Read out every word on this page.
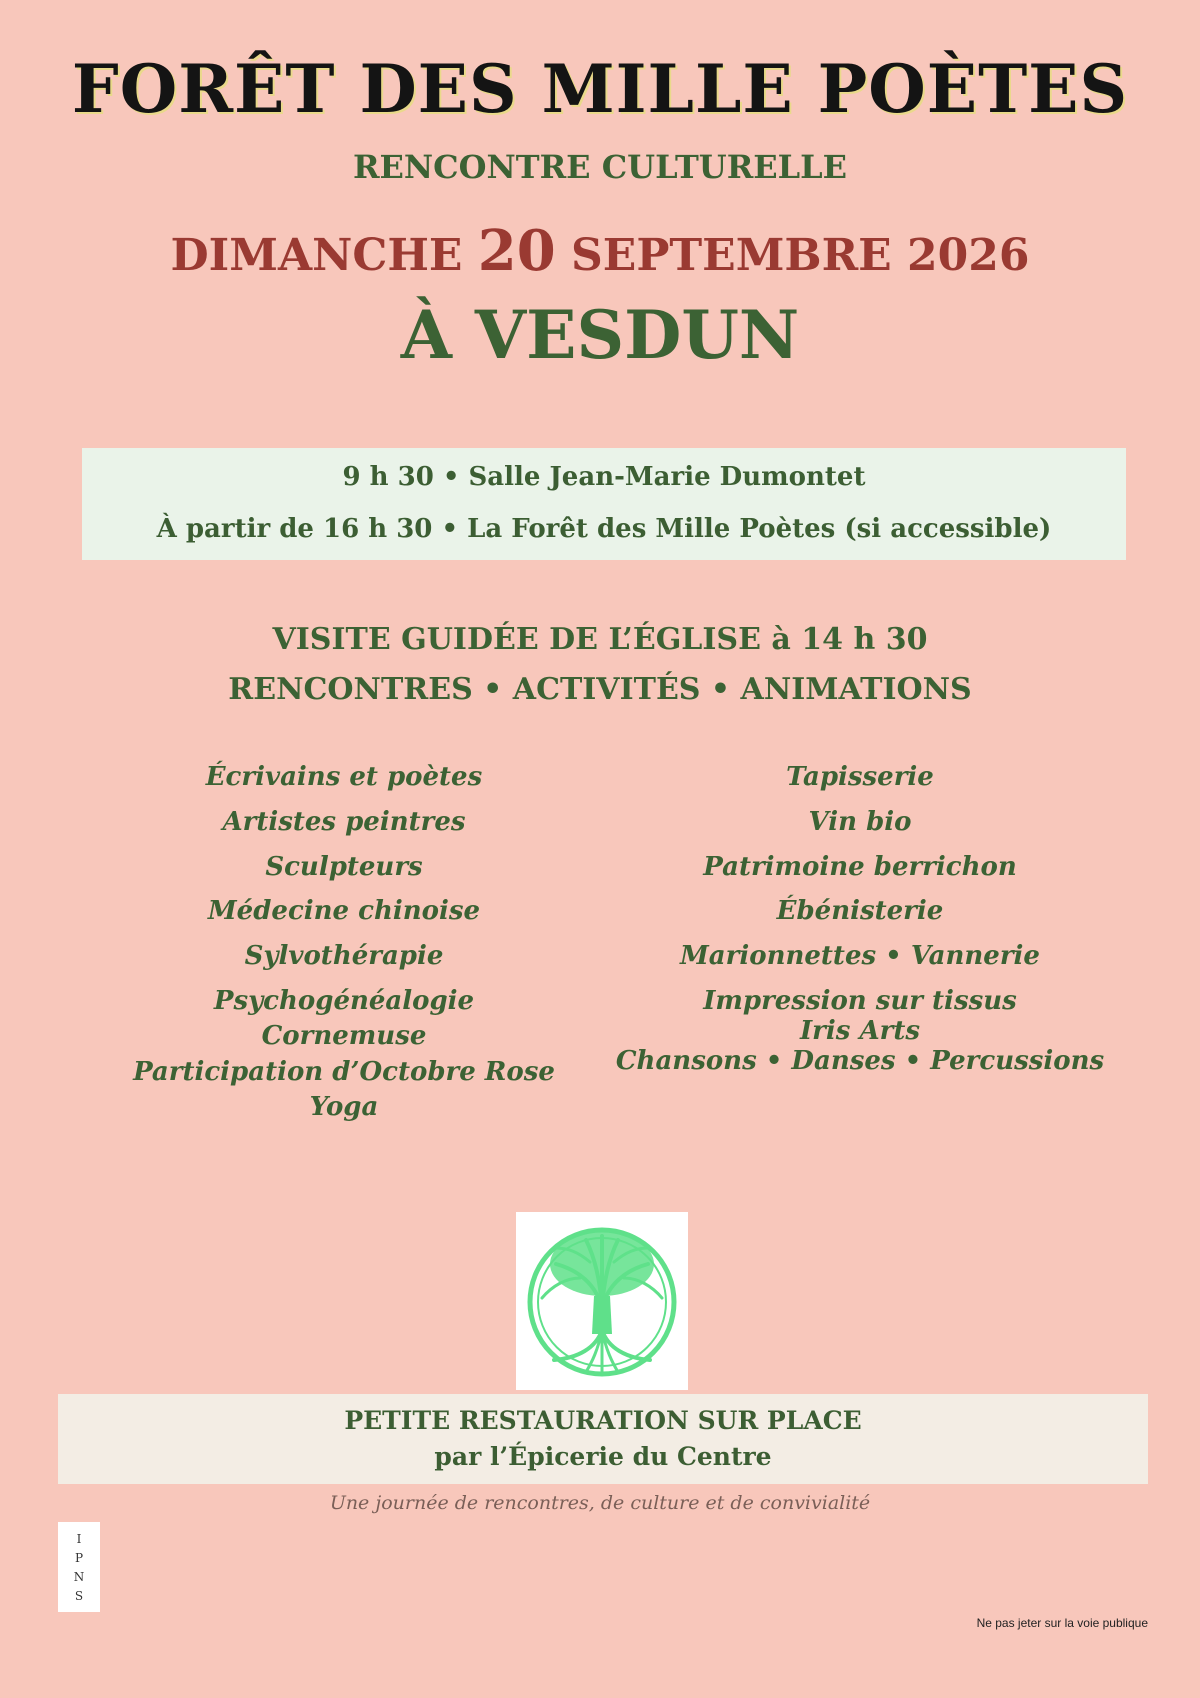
FORÊT DES MILLE POÈTES
RENCONTRE CULTURELLE
DIMANCHE 20 SEPTEMBRE 2026
À VESDUN
9 h 30 • Salle Jean-Marie Dumontet
À partir de 16 h 30 • La Forêt des Mille Poètes (si accessible)
VISITE GUIDÉE DE L’ÉGLISE à 14 h 30
RENCONTRES • ACTIVITÉS • ANIMATIONS
Écrivains et poètes
Artistes peintres
Sculpteurs
Médecine chinoise
Sylvothérapie
Psychogénéalogie
Cornemuse
Participation d’Octobre Rose
Yoga
Tapisserie
Vin bio
Patrimoine berrichon
Ébénisterie
Marionnettes • Vannerie
Impression sur tissus
Iris Arts
Chansons • Danses • Percussions
PETITE RESTAURATION SUR PLACE
par l’Épicerie du Centre
Une journée de rencontres, de culture et de convivialité
I
P
N
S
Ne pas jeter sur la voie publique
